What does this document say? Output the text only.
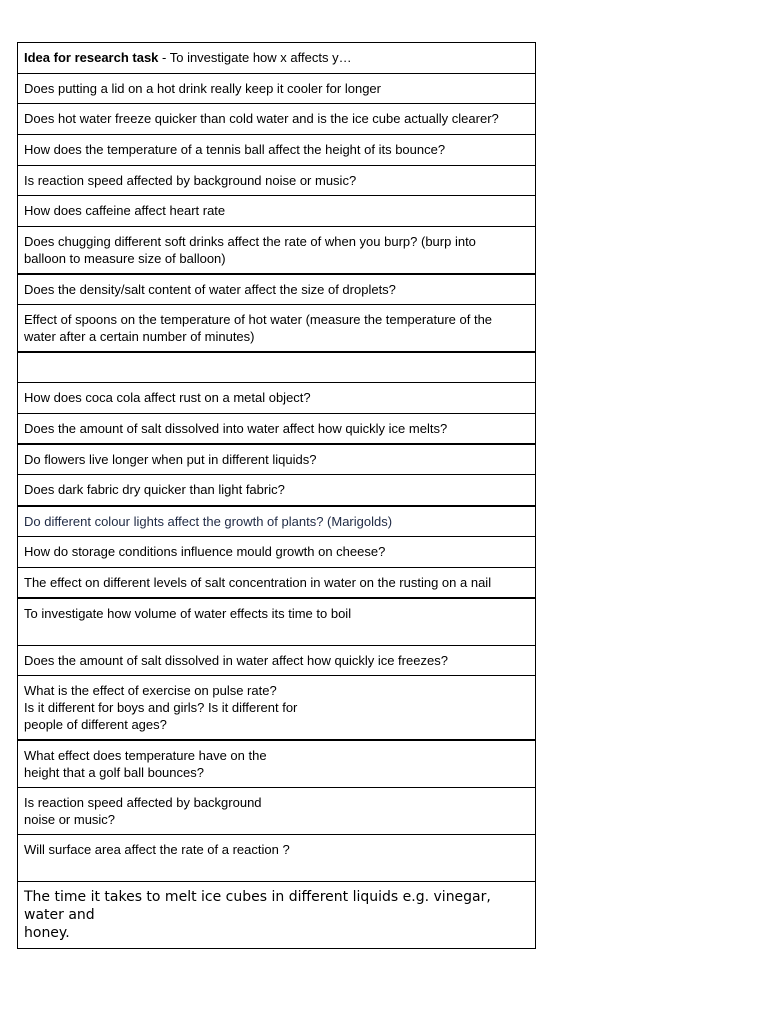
Idea for research task - To investigate how x affects y…
Does putting a lid on a hot drink really keep it cooler for longer
Does hot water freeze quicker than cold water and is the ice cube actually clearer?
How does the temperature of a tennis ball affect the height of its bounce?
Is reaction speed affected by background noise or music?
How does caffeine affect heart rate
Does chugging different soft drinks affect the rate of when you burp? (burp into
balloon to measure size of balloon)
Does the density/salt content of water affect the size of droplets?
Effect of spoons on the temperature of hot water (measure the temperature of the
water after a certain number of minutes)

How does coca cola affect rust on a metal object?
Does the amount of salt dissolved into water affect how quickly ice melts?
Do flowers live longer when put in different liquids?
Does dark fabric dry quicker than light fabric?
Do different colour lights affect the growth of plants? (Marigolds)
How do storage conditions influence mould growth on cheese?
The effect on different levels of salt concentration in water on the rusting on a nail
To investigate how volume of water effects its time to boil
Does the amount of salt dissolved in water affect how quickly ice freezes?
What is the effect of exercise on pulse rate?
Is it different for boys and girls? Is it different for
people of different ages?
What effect does temperature have on the
height that a golf ball bounces?
Is reaction speed affected by background
noise or music?
Will surface area affect the rate of a reaction ?
The time it takes to melt ice cubes in different liquids e.g. vinegar, water and
honey.
